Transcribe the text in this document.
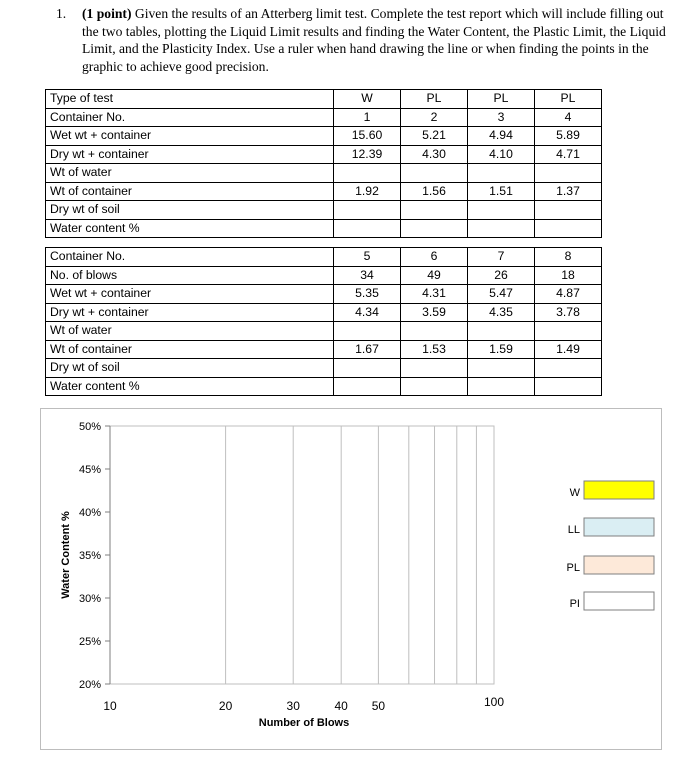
1. (1 point) Given the results of an Atterberg limit test. Complete the test report which will include filling out the two tables, plotting the Liquid Limit results and finding the Water Content, the Plastic Limit, the Liquid Limit, and the Plasticity Index. Use a ruler when hand drawing the line or when finding the points in the graphic to achieve good precision.
Type of test	W	PL	PL	PL
Container No.	1	2	3	4
Wet wt + container	15.60	5.21	4.94	5.89
Dry wt + container	12.39	4.30	4.10	4.71
Wt of water				
Wt of container	1.92	1.56	1.51	1.37
Dry wt of soil				
Water content %				
Container No.	5	6	7	8
No. of blows	34	49	26	18
Wet wt + container	5.35	4.31	5.47	4.87
Dry wt + container	4.34	3.59	4.35	3.78
Wt of water				
Wt of container	1.67	1.53	1.59	1.49
Dry wt of soil				
Water content %				
50%
45%
40%
35%
30%
25%
20%
10	20	30	40 50	100
Number of Blows
Water Content %
W
LL
PL
PI
